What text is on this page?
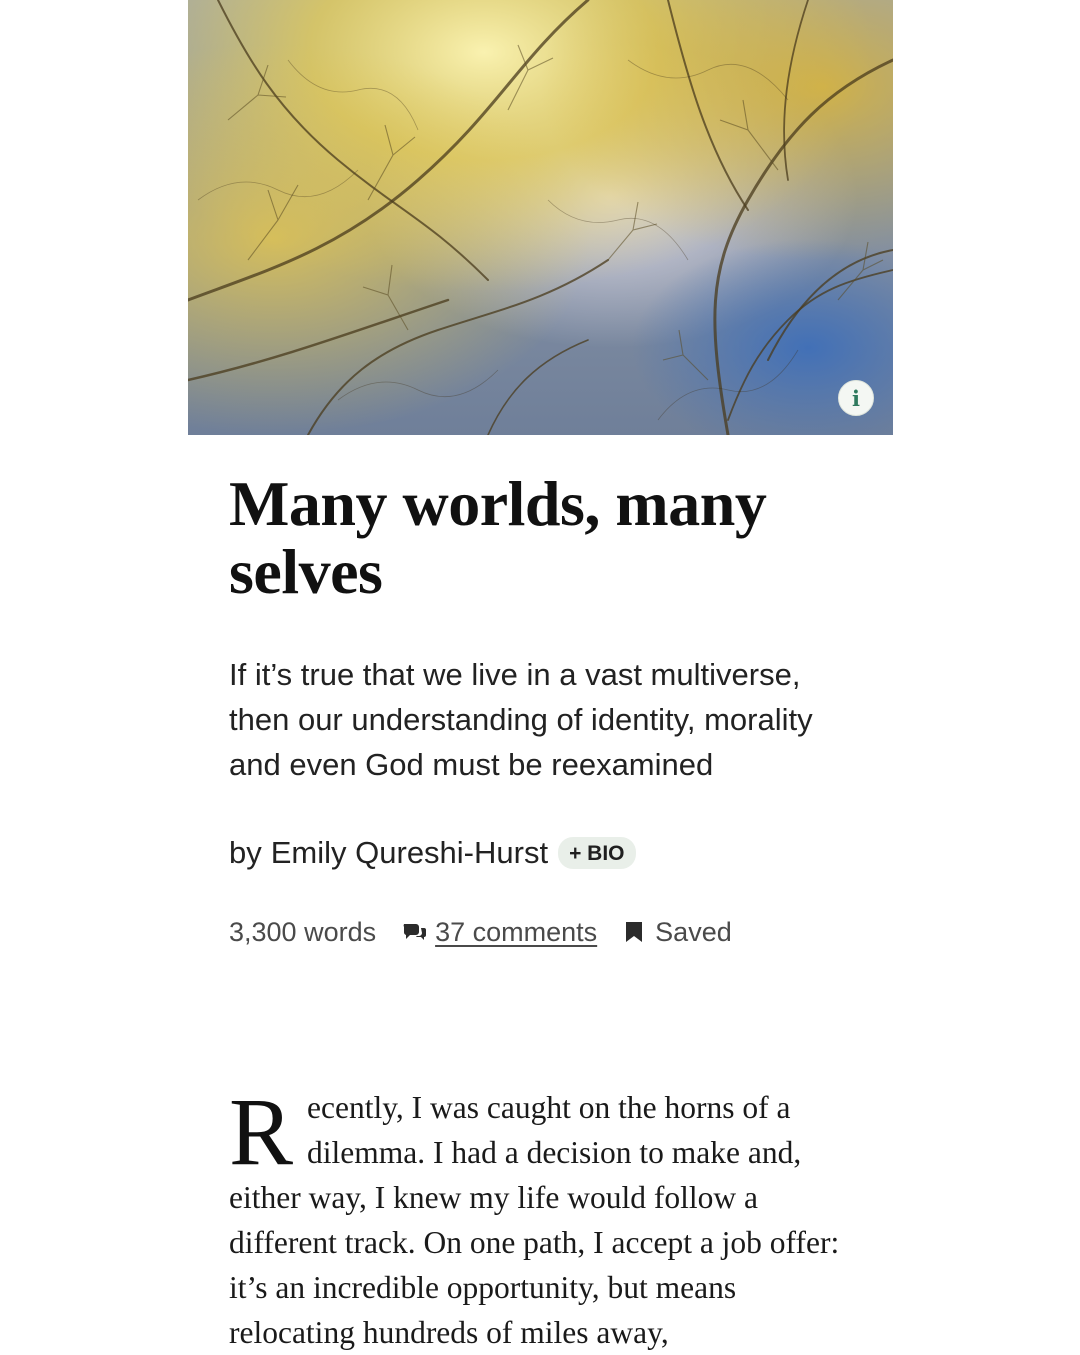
i
Many worlds, many selves

If it’s true that we live in a vast multiverse, then our understanding of identity, morality and even God must be reexamined

by Emily Qureshi-Hurst	+ BIO
3,300 words 37 comments Saved

Recently, I was caught on the horns of a dilemma. I had a decision to make and, either way, I knew my life would follow a different track. On one path, I accept a job offer: it’s an incredible opportunity, but means relocating hundreds of miles away,
